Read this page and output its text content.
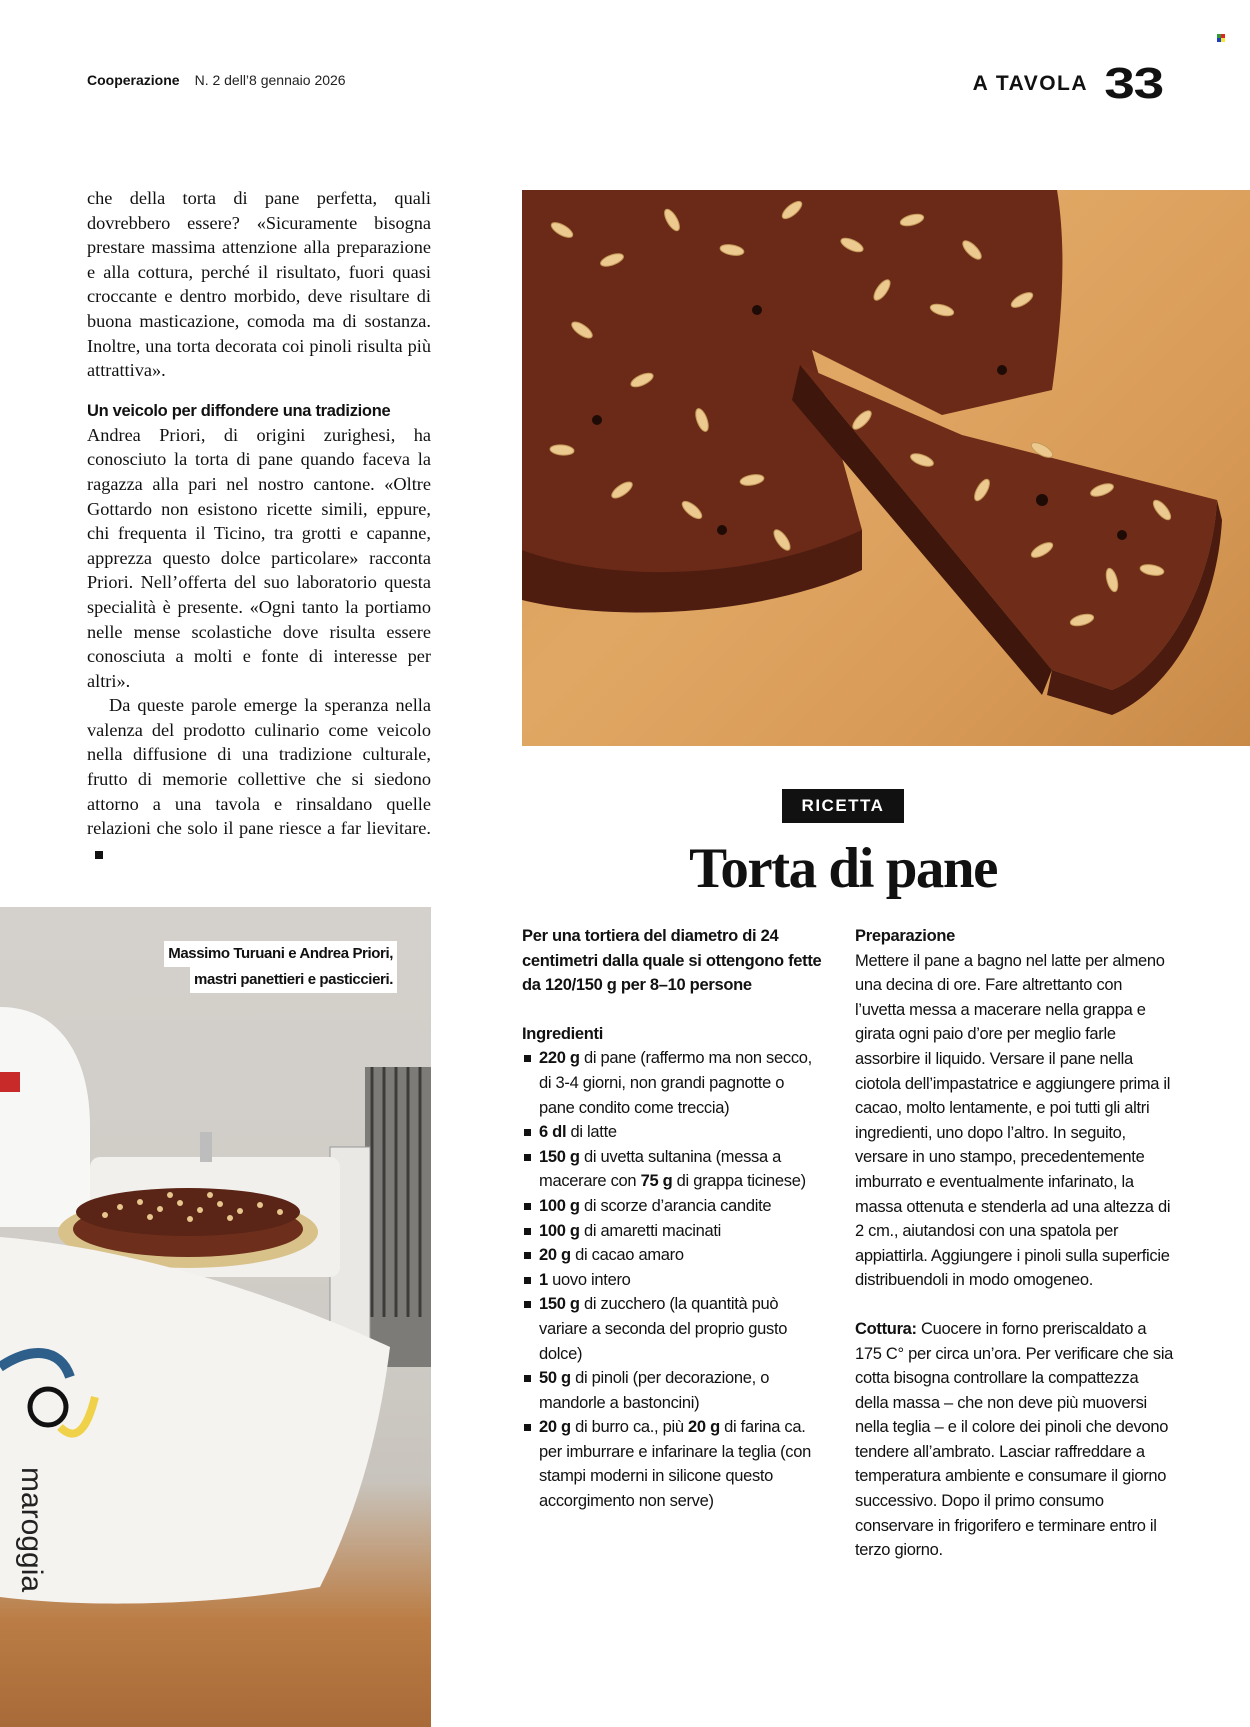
Cooperazione N. 2 dell’8 gennaio 2026	A TAVOLA 33

che della torta di pane perfetta, quali dovrebbero essere? «Sicuramente bisogna prestare massima attenzione alla preparazione e alla cottura, perché il risultato, fuori quasi croccante e dentro morbido, deve risultare di buona masticazione, comoda ma di sostanza. Inoltre, una torta decorata coi pinoli risulta più attrattiva».

Un veicolo per diffondere una tradizione

Andrea Priori, di origini zurighesi, ha conosciuto la torta di pane quando faceva la ragazza alla pari nel nostro cantone. «Oltre Gottardo non esistono ricette simili, eppure, chi frequenta il Ticino, tra grotti e capanne, apprezza questo dolce particolare» racconta Priori. Nell’offerta del suo laboratorio questa specialità è presente. «Ogni tanto la portiamo nelle mense scolastiche dove risulta essere conosciuta a molti e fonte di interesse per altri».

Da queste parole emerge la speranza nella valenza del prodotto culinario come veicolo nella diffusione di una tradizione culturale, frutto di memorie collettive che si siedono attorno a una tavola e rinsaldano quelle relazioni che solo il pane riesce a far lievitare.

maroggia
Massimo Turuani e Andrea Priori,
mastri panettieri e pasticcieri.
RICETTA
Torta di pane

Per una tortiera del diametro di 24 centimetri dalla quale si ottengono fette da 120/150 g per 8–10 persone

Ingredienti

220 g di pane (raffermo ma non secco, di 3-4 giorni, non grandi pagnotte o pane condito come treccia)
6 dl di latte
150 g di uvetta sultanina (messa a macerare con 75 g di grappa ticinese)
100 g di scorze d’arancia candite
100 g di amaretti macinati
20 g di cacao amaro
1 uovo intero
150 g di zucchero (la quantità può variare a seconda del proprio gusto dolce)
50 g di pinoli (per decorazione, o mandorle a bastoncini)
20 g di burro ca., più 20 g di farina ca. per imburrare e infarinare la teglia (con stampi moderni in silicone questo accorgimento non serve)

Preparazione

Mettere il pane a bagno nel latte per almeno una decina di ore. Fare altrettanto con l’uvetta messa a macerare nella grappa e girata ogni paio d’ore per meglio farle assorbire il liquido. Versare il pane nella ciotola dell’impastatrice e aggiungere prima il cacao, molto lentamente, e poi tutti gli altri ingredienti, uno dopo l’altro. In seguito, versare in uno stampo, precedentemente imburrato e eventualmente infarinato, la massa ottenuta e stenderla ad una altezza di 2 cm., aiutandosi con una spatola per appiattirla. Aggiungere i pinoli sulla superficie distribuendoli in modo omogeneo.

Cottura: Cuocere in forno preriscaldato a 175 C° per circa un’ora. Per verificare che sia cotta bisogna controllare la compattezza della massa – che non deve più muoversi nella teglia – e il colore dei pinoli che devono tendere all’ambrato. Lasciar raffreddare a temperatura ambiente e consumare il giorno successivo. Dopo il primo consumo conservare in frigorifero e terminare entro il terzo giorno.
